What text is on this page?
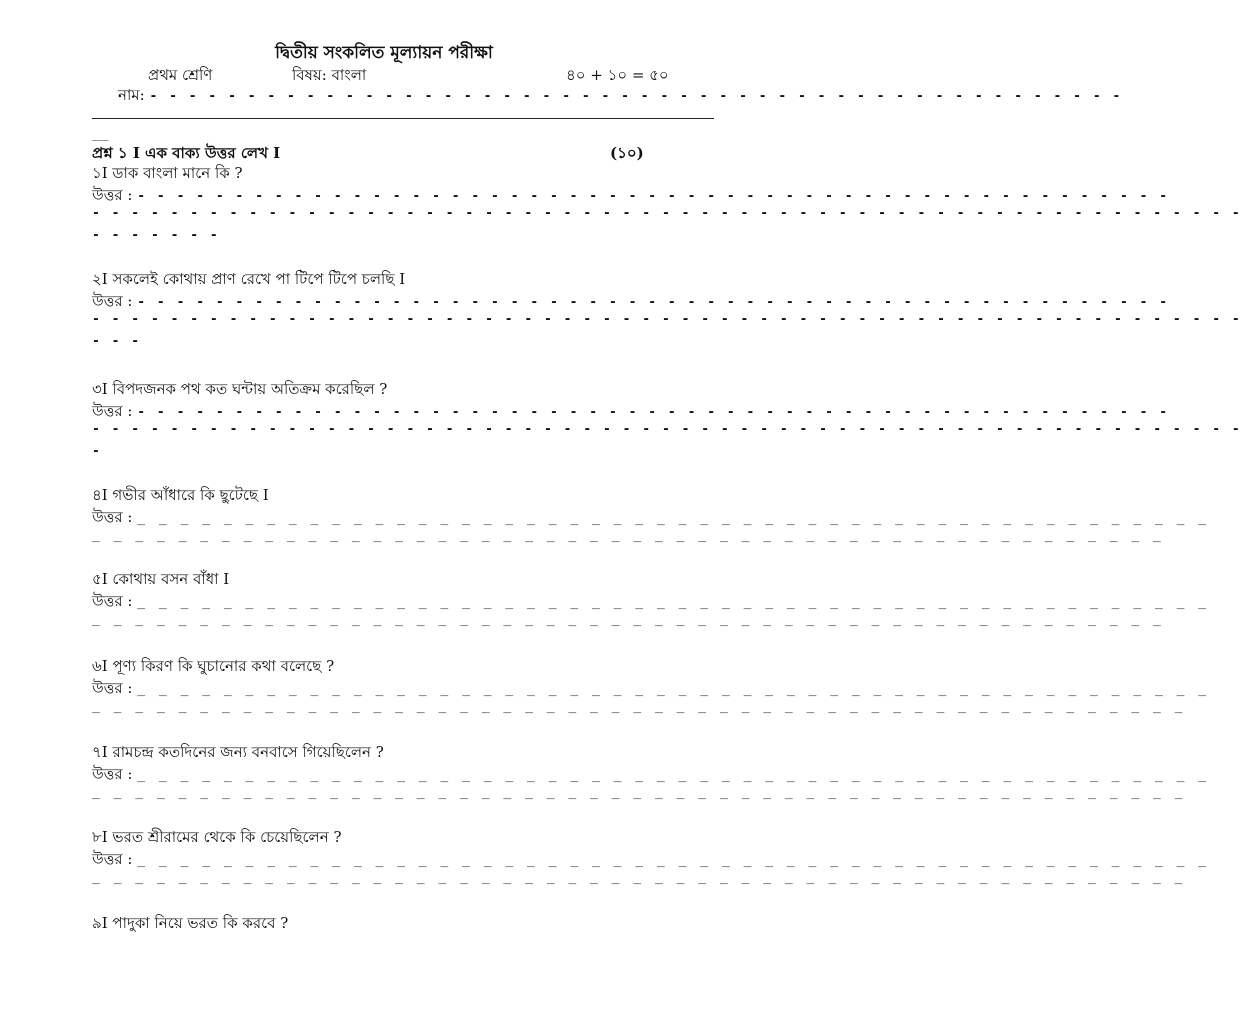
দ্বিতীয় সংকলিত মূল্যায়ন পরীক্ষা
প্রথম শ্রেণি	বিষয়: বাংলা	৪০ + ১০ = ৫০
নাম: - - - - - - - - - - - - - - - - - - - - - - - - - - - - - - - - - - - - - - - - - - - - - - - - - -
___
প্রশ্ন ১ I এক বাক্য উত্তর লেখ I	(১০)
১I ডাক বাংলা মানে কি ?
উত্তর : - - - - - - - - - - - - - - - - - - - - - - - - - - - - - - - - - - - - - - - - - - - - - - - - - - - - -
- - - - - - - - - - - - - - - - - - - - - - - - - - - - - - - - - - - - - - - - - - - - - - - - - - - - - - - - - - -
- - - - - - -
২I সকলেই কোথায় প্রাণ রেখে পা টিপে টিপে চলছি I
উত্তর : - - - - - - - - - - - - - - - - - - - - - - - - - - - - - - - - - - - - - - - - - - - - - - - - - - - - -
- - - - - - - - - - - - - - - - - - - - - - - - - - - - - - - - - - - - - - - - - - - - - - - - - - - - - - - - - - -
- - -
৩I বিপদজনক পথ কত ঘন্টায় অতিক্রম করেছিল ?
উত্তর : - - - - - - - - - - - - - - - - - - - - - - - - - - - - - - - - - - - - - - - - - - - - - - - - - - - - -
- - - - - - - - - - - - - - - - - - - - - - - - - - - - - - - - - - - - - - - - - - - - - - - - - - - - - - - - - - -
-
৪I গভীর আঁধারে কি ছুটেছে I
উত্তর : _ _ _ _ _ _ _ _ _ _ _ _ _ _ _ _ _ _ _ _ _ _ _ _ _ _ _ _ _ _ _ _ _ _ _ _ _ _ _ _ _ _ _ _ _ _ _ _ _ _
_ _ _ _ _ _ _ _ _ _ _ _ _ _ _ _ _ _ _ _ _ _ _ _ _ _ _ _ _ _ _ _ _ _ _ _ _ _ _ _ _ _ _ _ _ _ _ _ _ _
৫I কোথায় বসন বাঁধা I
উত্তর : _ _ _ _ _ _ _ _ _ _ _ _ _ _ _ _ _ _ _ _ _ _ _ _ _ _ _ _ _ _ _ _ _ _ _ _ _ _ _ _ _ _ _ _ _ _ _ _ _ _
_ _ _ _ _ _ _ _ _ _ _ _ _ _ _ _ _ _ _ _ _ _ _ _ _ _ _ _ _ _ _ _ _ _ _ _ _ _ _ _ _ _ _ _ _ _ _ _ _ _
৬I পূণ্য কিরণ কি ঘুচানোর কথা বলেছে ?
উত্তর : _ _ _ _ _ _ _ _ _ _ _ _ _ _ _ _ _ _ _ _ _ _ _ _ _ _ _ _ _ _ _ _ _ _ _ _ _ _ _ _ _ _ _ _ _ _ _ _ _ _
_ _ _ _ _ _ _ _ _ _ _ _ _ _ _ _ _ _ _ _ _ _ _ _ _ _ _ _ _ _ _ _ _ _ _ _ _ _ _ _ _ _ _ _ _ _ _ _ _ _ _
৭I রামচন্দ্র কতদিনের জন্য বনবাসে গিয়েছিলেন ?
উত্তর : _ _ _ _ _ _ _ _ _ _ _ _ _ _ _ _ _ _ _ _ _ _ _ _ _ _ _ _ _ _ _ _ _ _ _ _ _ _ _ _ _ _ _ _ _ _ _ _ _ _
_ _ _ _ _ _ _ _ _ _ _ _ _ _ _ _ _ _ _ _ _ _ _ _ _ _ _ _ _ _ _ _ _ _ _ _ _ _ _ _ _ _ _ _ _ _ _ _ _ _ _
৮I ভরত শ্রীরামের থেকে কি চেয়েছিলেন ?
উত্তর : _ _ _ _ _ _ _ _ _ _ _ _ _ _ _ _ _ _ _ _ _ _ _ _ _ _ _ _ _ _ _ _ _ _ _ _ _ _ _ _ _ _ _ _ _ _ _ _ _ _
_ _ _ _ _ _ _ _ _ _ _ _ _ _ _ _ _ _ _ _ _ _ _ _ _ _ _ _ _ _ _ _ _ _ _ _ _ _ _ _ _ _ _ _ _ _ _ _ _ _ _
৯I পাদুকা নিয়ে ভরত কি করবে ?
